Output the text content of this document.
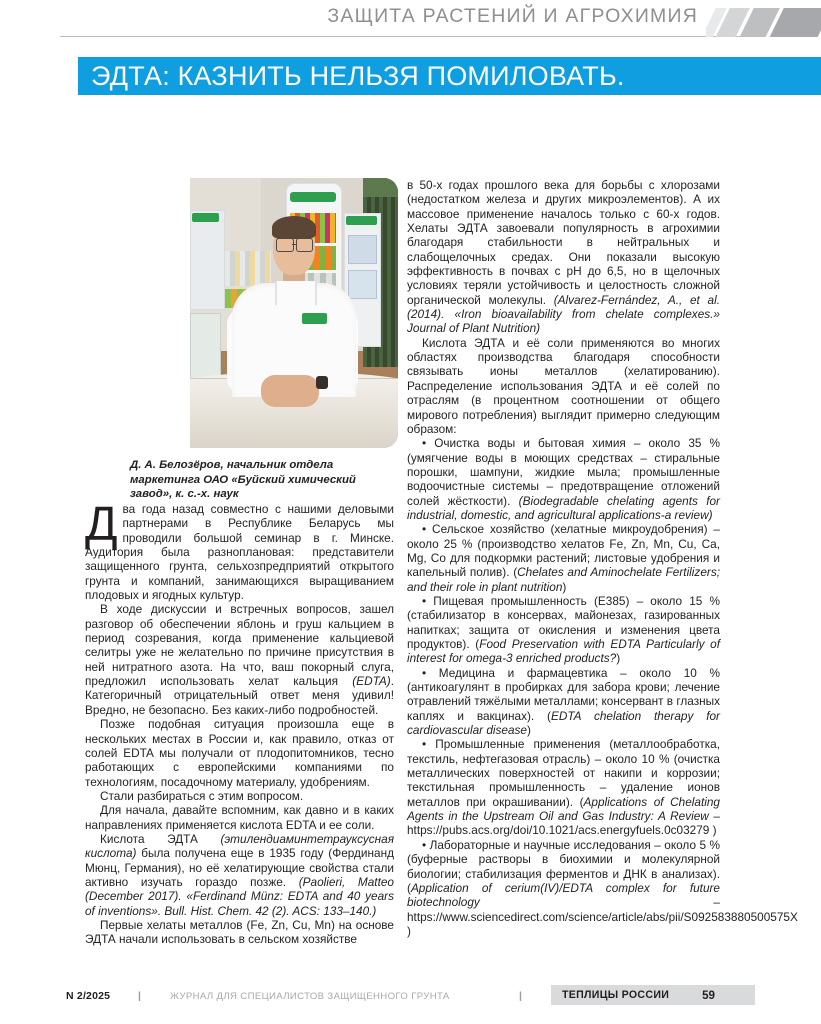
ЗАЩИТА РАСТЕНИЙ И АГРОХИМИЯ
ЭДТА: КАЗНИТЬ НЕЛЬЗЯ ПОМИЛОВАТЬ.
Д. А. Белозёров, начальник отдела маркетинга ОАО «Буйский химический завод», к. с.-х. наук

Два года назад совместно с нашими деловыми партнерами в Республике Беларусь мы проводили большой семинар в г. Минске. Аудитория была разноплановая: представители защищенного грунта, сельхозпредприятий открытого грунта и компаний, занимающихся выращиванием плодовых и ягодных культур.

В ходе дискуссии и встречных вопросов, зашел разговор об обеспечении яблонь и груш кальцием в период созревания, когда применение кальциевой селитры уже не желательно по причине присутствия в ней нитратного азота. На что, ваш покорный слуга, предложил использовать хелат кальция (EDTA). Категоричный отрицательный ответ меня удивил! Вредно, не безопасно. Без каких-либо подробностей.

Позже подобная ситуация произошла еще в нескольких местах в России и, как правило, отказ от солей EDTA мы получали от плодопитомников, тесно работающих с европейскими компаниями по технологиям, посадочному материалу, удобрениям.

Стали разбираться с этим вопросом.

Для начала, давайте вспомним, как давно и в каких направлениях применяется кислота EDTA и ее соли.

Кислота ЭДТА (этилендиаминтетрауксусная кислота) была получена еще в 1935 году (Фердинанд Мюнц, Германия), но её хелатирующие свойства стали активно изучать гораздо позже. (Paolieri, Matteo (December 2017). «Ferdinand Münz: EDTA and 40 years of inventions». Bull. Hist. Chem. 42 (2). ACS: 133–140.)

Первые хелаты металлов (Fe, Zn, Cu, Mn) на основе ЭДТА начали использовать в сельском хозяйстве

в 50-х годах прошлого века для борьбы с хлорозами (недостатком железа и других микроэлементов). А их массовое применение началось только с 60-х годов. Хелаты ЭДТА завоевали популярность в агрохимии благодаря стабильности в нейтральных и слабощелочных средах. Они показали высокую эффективность в почвах с рН до 6,5, но в щелочных условиях теряли устойчивость и целостность сложной органической молекулы. (Alvarez-Fernández, A., et al. (2014). «Iron bioavailability from chelate complexes.» Journal of Plant Nutrition)

Кислота ЭДТА и её соли применяются во многих областях производства благодаря способности связывать ионы металлов (хелатированию). Распределение использования ЭДТА и её солей по отраслям (в процентном соотношении от общего мирового потребления) выглядит примерно следующим образом:

• Очистка воды и бытовая химия – около 35 % (умягчение воды в моющих средствах – стиральные порошки, шампуни, жидкие мыла; промышленные водоочистные системы – предотвращение отложений солей жёсткости). (Biodegradable chelating agents for industrial, domestic, and agricultural applications-a review)

• Сельское хозяйство (хелатные микроудобрения) – около 25 % (производство хелатов Fe, Zn, Mn, Cu, Ca, Mg, Co для подкормки растений; листовые удобрения и капельный полив). (Chelates and Aminochelate Fertilizers; and their role in plant nutrition)

• Пищевая промышленность (Е385) – около 15 % (стабилизатор в консервах, майонезах, газированных напитках; защита от окисления и изменения цвета продуктов). (Food Preservation with EDTA Particularly of interest for omega-3 enriched products?)

• Медицина и фармацевтика – около 10 % (антикоагулянт в пробирках для забора крови; лечение отравлений тяжёлыми металлами; консервант в глазных каплях и вакцинах). (EDTA chelation therapy for cardiovascular disease)

• Промышленные применения (металлообработка, текстиль, нефтегазовая отрасль) – около 10 % (очистка металлических поверхностей от накипи и коррозии; текстильная промышленность – удаление ионов металлов при окрашивании). (Applications of Chelating Agents in the Upstream Oil and Gas Industry: A Review – https://pubs.acs.org/doi/10.1021/acs.energyfuels.0c03279 )

• Лабораторные и научные исследования – около 5 % (буферные растворы в биохимии и молекулярной биологии; стабилизация ферментов и ДНК в анализах). (Application of cerium(IV)/EDTA complex for future biotechnology – https://www.sciencedirect.com/science/article/abs/pii/S092583880500575X )

N 2/2025	|	ЖУРНАЛ ДЛЯ СПЕЦИАЛИСТОВ ЗАЩИЩЕННОГО ГРУНТА	|	ТЕПЛИЦЫ РОССИИ	59
